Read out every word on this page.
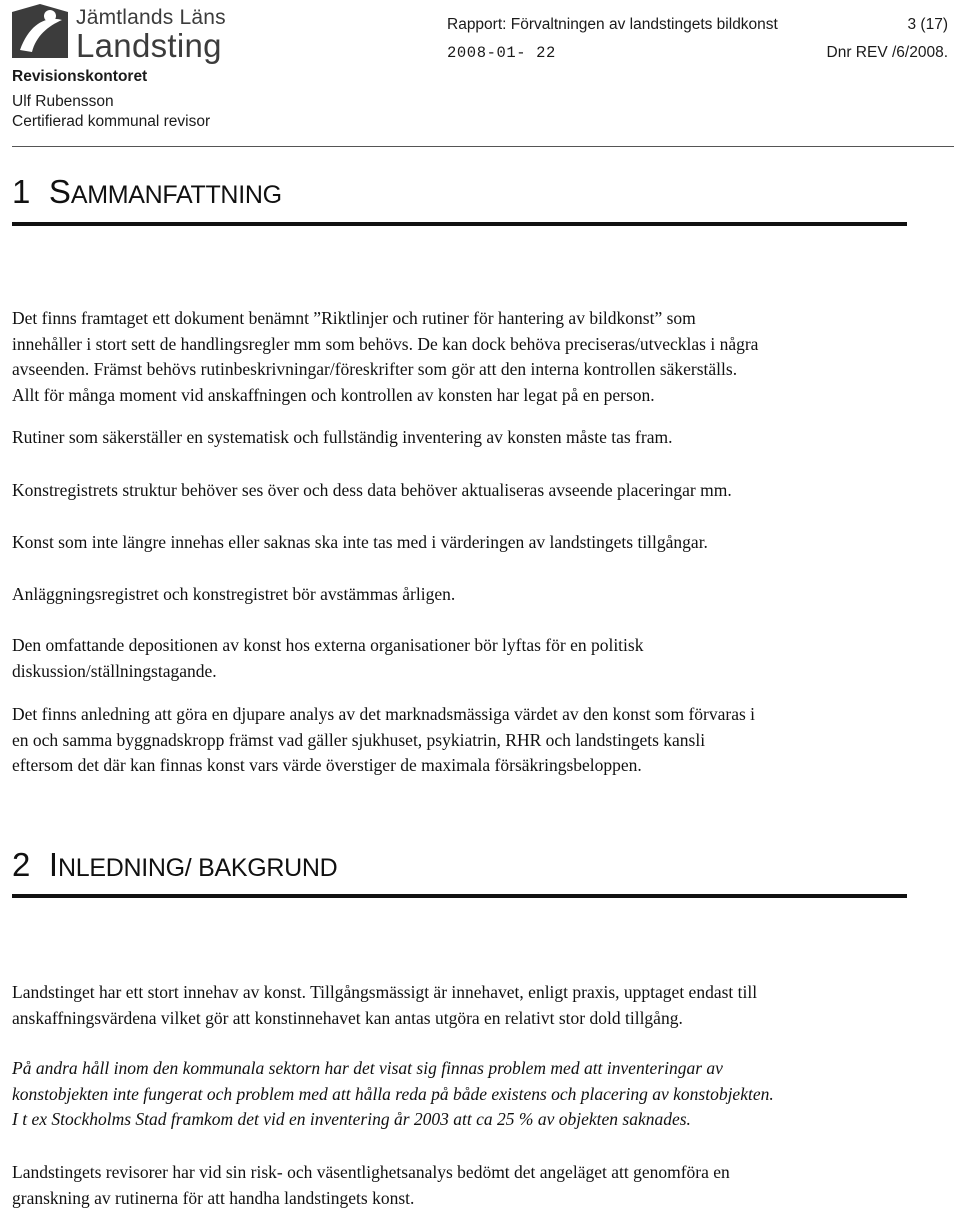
Jämtlands Läns
Landsting
Revisionskontoret
Ulf Rubensson
Certifierad kommunal revisor
Rapport: Förvaltningen av landstingets bildkonst	3 (17)
2008-01- 22	Dnr REV /6/2008.
1 SAMMANFATTNING
Det finns framtaget ett dokument benämnt ”Riktlinjer och rutiner för hantering av bildkonst” som
innehåller i stort sett de handlingsregler mm som behövs. De kan dock behöva preciseras/utvecklas i några
avseenden. Främst behövs rutinbeskrivningar/föreskrifter som gör att den interna kontrollen säkerställs.
Allt för många moment vid anskaffningen och kontrollen av konsten har legat på en person.
Rutiner som säkerställer en systematisk och fullständig inventering av konsten måste tas fram.
Konstregistrets struktur behöver ses över och dess data behöver aktualiseras avseende placeringar mm.
Konst som inte längre innehas eller saknas ska inte tas med i värderingen av landstingets tillgångar.
Anläggningsregistret och konstregistret bör avstämmas årligen.
Den omfattande depositionen av konst hos externa organisationer bör lyftas för en politisk
diskussion/ställningstagande.
Det finns anledning att göra en djupare analys av det marknadsmässiga värdet av den konst som förvaras i
en och samma byggnadskropp främst vad gäller sjukhuset, psykiatrin, RHR och landstingets kansli
eftersom det där kan finnas konst vars värde överstiger de maximala försäkringsbeloppen.
2 INLEDNING/ BAKGRUND
Landstinget har ett stort innehav av konst. Tillgångsmässigt är innehavet, enligt praxis, upptaget endast till
anskaffningsvärdena vilket gör att konstinnehavet kan antas utgöra en relativt stor dold tillgång.
På andra håll inom den kommunala sektorn har det visat sig finnas problem med att inventeringar av
konstobjekten inte fungerat och problem med att hålla reda på både existens och placering av konstobjekten.
I t ex Stockholms Stad framkom det vid en inventering år 2003 att ca 25 % av objekten saknades.
Landstingets revisorer har vid sin risk- och väsentlighetsanalys bedömt det angeläget att genomföra en
granskning av rutinerna för att handha landstingets konst.
